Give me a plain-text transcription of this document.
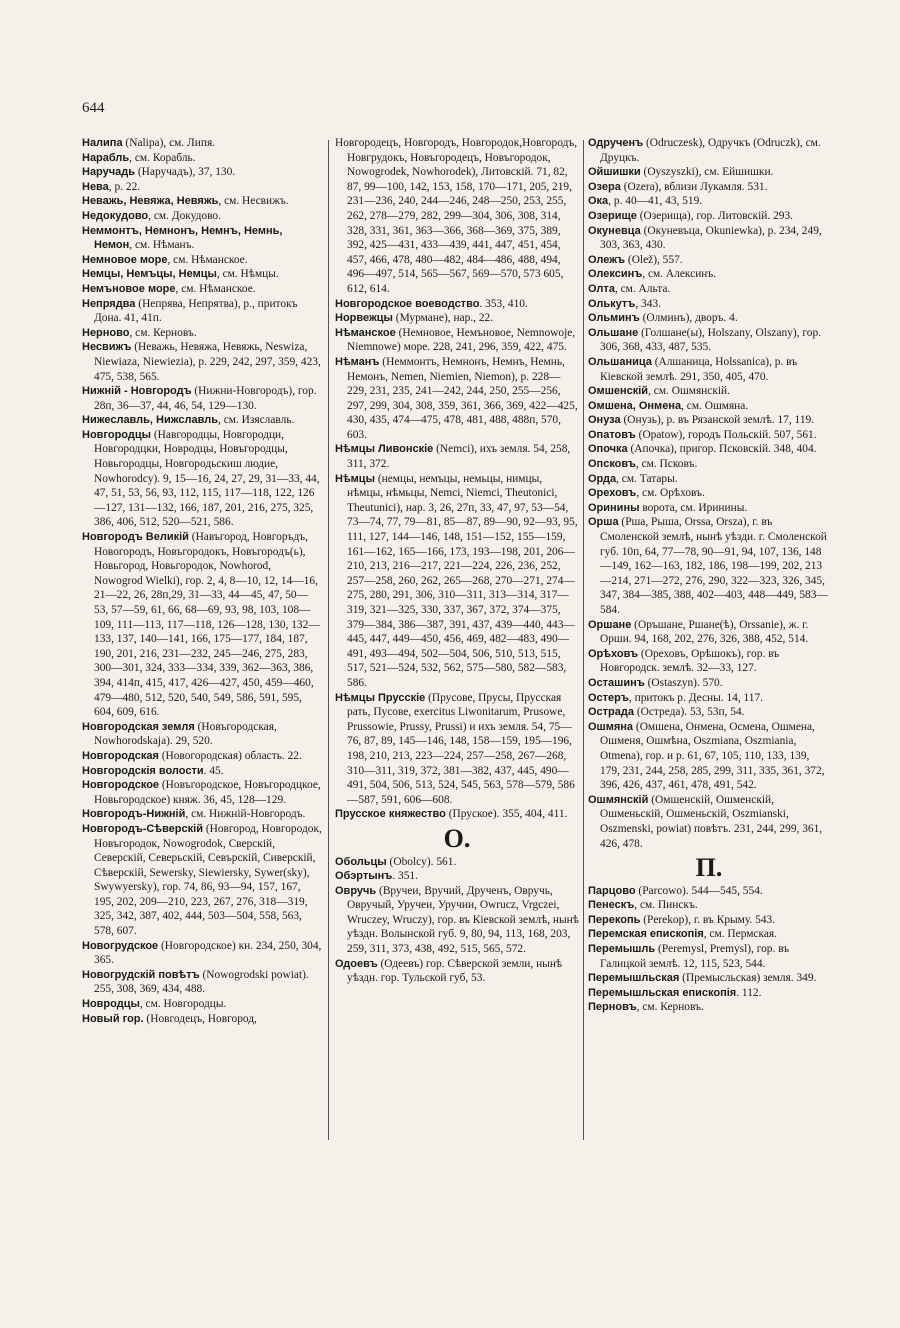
644

Налипа (Naliра), см. Липя.

Нарабль, см. Корабль.

Наручадь (Наручадъ), 37, 130.

Нева, р. 22.

Неважь, Невяжа, Невяжь, см. Несвижъ.

Недокудово, см. Докудово.

Неммонтъ, Немнонъ, Немнъ, Немнь, Немон, см. Нѣманъ.

Немновое море, см. Нѣманское.

Немцы, Немъцы, Немцы, см. Нѣмцы.

Немъновое море, см. Нѣманское.

Непрядва (Непрява, Непрятва), р., притокъ Дона. 41, 41п.

Нерново, см. Керновъ.

Несвижъ (Неважь, Невяжа, Невяжь, Neswiza, Niewiaza, Niewiezia), р. 229, 242, 297, 359, 423, 475, 538, 565.

Нижній - Новгородъ (Нижни-Новгородъ), гор. 28п, 36—37, 44, 46, 54, 129—130.

Нижеславль, Нижславль, см. Изяславль.

Новгородцы (Навгородцы, Новгородци, Новгородцки, Новродцы, Новъгородцы, Новьгородцы, Новгородьскиш людие, Nowhorodcy). 9, 15—16, 24, 27, 29, 31—33, 44, 47, 51, 53, 56, 93, 112, 115, 117—118, 122, 126—127, 131—132, 166, 187, 201, 216, 275, 325, 386, 406, 512, 520—521, 586.

Новгородъ Великій (Навъгород, Новгоръдъ, Новогородъ, Новъгородокъ, Новъгородъ(ь), Новьгород, Новьгородок, Nowhorod, Nowogrod Wielki), гор. 2, 4, 8—10, 12, 14—16, 21—22, 26, 28п,29, 31—33, 44—45, 47, 50—53, 57—59, 61, 66, 68—69, 93, 98, 103, 108—109, 111—113, 117—118, 126—128, 130, 132—133, 137, 140—141, 166, 175—177, 184, 187, 190, 201, 216, 231—232, 245—246, 275, 283, 300—301, 324, 333—334, 339, 362—363, 386, 394, 414п, 415, 417, 426—427, 450, 459—460, 479—480, 512, 520, 540, 549, 586, 591, 595, 604, 609, 616.

Новгородская земля (Новъгородская, Nowhorodskaja). 29, 520.

Новгородская (Новогородская) область. 22.

Новгородскія волости. 45.

Новгородское (Новъгородское, Новъгородцкое, Новьгородское) княж. 36, 45, 128—129.

Новгородъ-Нижній, см. Нижній-Новгородъ.

Новгородъ-Сѣверскій (Новгород, Новгородок, Новъгородок, Nowogrodok, Сверскій, Северскій, Северьскій, Севърскій, Сиверскій, Сѣверскій, Sewersky, Siewiersky, Sywer(sky), Swywyersky), гор. 74, 86, 93—94, 157, 167, 195, 202, 209—210, 223, 267, 276, 318—319, 325, 342, 387, 402, 444, 503—504, 558, 563, 578, 607.

Новогрудское (Новгородское) кн. 234, 250, 304, 365.

Новогрудскій повѣтъ (Nowogrodski powiat). 255, 308, 369, 434, 488.

Новродцы, см. Новгородцы.

Новый гор. (Новгодецъ, Новгород,

Новгородецъ, Новгородъ, Новгородок,Новгородъ, Новгрудокъ, Новъгородецъ, Новъгородок, Nowogrodek, Nowhorodek), Литовскій. 71, 82, 87, 99—100, 142, 153, 158, 170—171, 205, 219, 231—236, 240, 244—246, 248—250, 253, 255, 262, 278—279, 282, 299—304, 306, 308, 314, 328, 331, 361, 363—366, 368—369, 375, 389, 392, 425—431, 433—439, 441, 447, 451, 454, 457, 466, 478, 480—482, 484—486, 488, 494, 496—497, 514, 565—567, 569—570, 573 605, 612, 614.

Новгородское воеводство. 353, 410.

Норвежцы (Мурмане), нар., 22.

Нѣманское (Немновое, Немъновое, Nemnowoje, Niemnowe) море. 228, 241, 296, 359, 422, 475.

Нѣманъ (Неммонтъ, Немнонъ, Немнъ, Немнь, Немонъ, Nemen, Niemien, Niemon), р. 228—229, 231, 235, 241—242, 244, 250, 255—256, 297, 299, 304, 308, 359, 361, 366, 369, 422—425, 430, 435, 474—475, 478, 481, 488, 488п, 570, 603.

Нѣмцы Ливонскіе (Nemci), ихъ земля. 54, 258, 311, 372.

Нѣмцы (немцы, немъцы, немьцы, нимцы, нѣмцы, нѣмьцы, Nemci, Niemci, Theutonici, Theutunici), нар. 3, 26, 27п, 33, 47, 97, 53—54, 73—74, 77, 79—81, 85—87, 89—90, 92—93, 95, 111, 127, 144—146, 148, 151—152, 155—159, 161—162, 165—166, 173, 193—198, 201, 206—210, 213, 216—217, 221—224, 226, 236, 252, 257—258, 260, 262, 265—268, 270—271, 274—275, 280, 291, 306, 310—311, 313—314, 317—319, 321—325, 330, 337, 367, 372, 374—375, 379—384, 386—387, 391, 437, 439—440, 443—445, 447, 449—450, 456, 469, 482—483, 490—491, 493—494, 502—504, 506, 510, 513, 515, 517, 521—524, 532, 562, 575—580, 582—583, 586.

Нѣмцы Прусскіе (Прусове, Прусы, Прусская рать, Пусове, exercitus Liwonitarum, Prusowe, Prussowie, Prussy, Prussi) и ихъ земля. 54, 75—76, 87, 89, 145—146, 148, 158—159, 195—196, 198, 210, 213, 223—224, 257—258, 267—268, 310—311, 319, 372, 381—382, 437, 445, 490—491, 504, 506, 513, 524, 545, 563, 578—579, 586—587, 591, 606—608.

Прусское княжество (Пруское). 355, 404, 411.

О.

Обольцы (Obolcy). 561.

Обэртынъ. 351.

Овручь (Вручеи, Вручий, Друченъ, Овручь, Овручый, Уручеи, Уручии, Owrucz, Vrgczei, Wruczey, Wruczy), гор. въ Кіевской землѣ, нынѣ уѣздн. Волынской губ. 9, 80, 94, 113, 168, 203, 259, 311, 373, 438, 492, 515, 565, 572.

Одоевъ (Одеевъ) гор. Сѣверской земли, нынѣ уѣздн. гор. Тульской губ, 53.

Одрученъ (Odruczesk), Одручкъ (Odruczk), см. Друцкъ.

Ойшишки (Oyszyszki), см. Ейшишки.

Озера (Ozera), вблизи Лукамля. 531.

Ока, р. 40—41, 43, 519.

Озерище (Озерища), гор. Литовскій. 293.

Окуневца (Окуневъца, Okuniewka), р. 234, 249, 303, 363, 430.

Олежъ (Olež), 557.

Олексинъ, см. Алексинъ.

Олта, см. Альта.

Олькутъ, 343.

Ольминъ (Олминъ), дворъ. 4.

Ольшане (Голшане(ы), Holszany, Olszany), гор. 306, 368, 433, 487, 535.

Ольшаница (Алшаница, Holssanica), р. въ Кіевской землѣ. 291, 350, 405, 470.

Омшенскій, см. Ошмянскій.

Омшена, Онмена, см. Ошмяна.

Онуза (Онузь), р. въ Рязанской землѣ. 17, 119.

Опатовъ (Opatow), городъ Польскій. 507, 561.

Опочка (Апочка), пригор. Псковскій. 348, 404.

Опсковъ, см. Псковъ.

Орда, см. Татары.

Ореховъ, см. Орѣховъ.

Оринины ворота, см. Иринины.

Орша (Рша, Рыша, Orssa, Orsza), г. въ Смоленской землѣ, нынѣ уѣзди. г. Смоленской губ. 10п, 64, 77—78, 90—91, 94, 107, 136, 148—149, 162—163, 182, 186, 198—199, 202, 213—214, 271—272, 276, 290, 322—323, 326, 345, 347, 384—385, 388, 402—403, 448—449, 583—584.

Оршане (Оръшане, Ршане(ѣ), Orssanie), ж. г. Орши. 94, 168, 202, 276, 326, 388, 452, 514.

Орѣховъ (Ореховъ, Орѣшокъ), гор. въ Новгородск. землѣ. 32—33, 127.

Осташинъ (Ostaszyn). 570.

Остеръ, притокъ р. Десны. 14, 117.

Острада (Остреда). 53, 53п, 54.

Ошмяна (Омшена, Онмена, Осмена, Ошмена, Ошменя, Ошмѣна, Oszmiana, Oszmiania, Otmena), гор. и р. 61, 67, 105, 110, 133, 139, 179, 231, 244, 258, 285, 299, 311, 335, 361, 372, 396, 426, 437, 461, 478, 491, 542.

Ошмянскій (Омшенскій, Ошменскій, Ошменьскій, Ошменьскій, Oszmianski, Oszmenski, powiat) повѣтъ. 231, 244, 299, 361, 426, 478.

П.

Парцово (Parcowo). 544—545, 554.

Пенескъ, см. Пинскъ.

Перекопь (Perekop), г. въ Крыму. 543.

Перемская епископія, см. Пермская.

Перемышль (Peremysl, Premysl), гор. въ Галицкой землѣ. 12, 115, 523, 544.

Перемышльская (Премысльская) земля. 349.

Перемышльская епископія. 112.

Перновъ, см. Керновъ.
